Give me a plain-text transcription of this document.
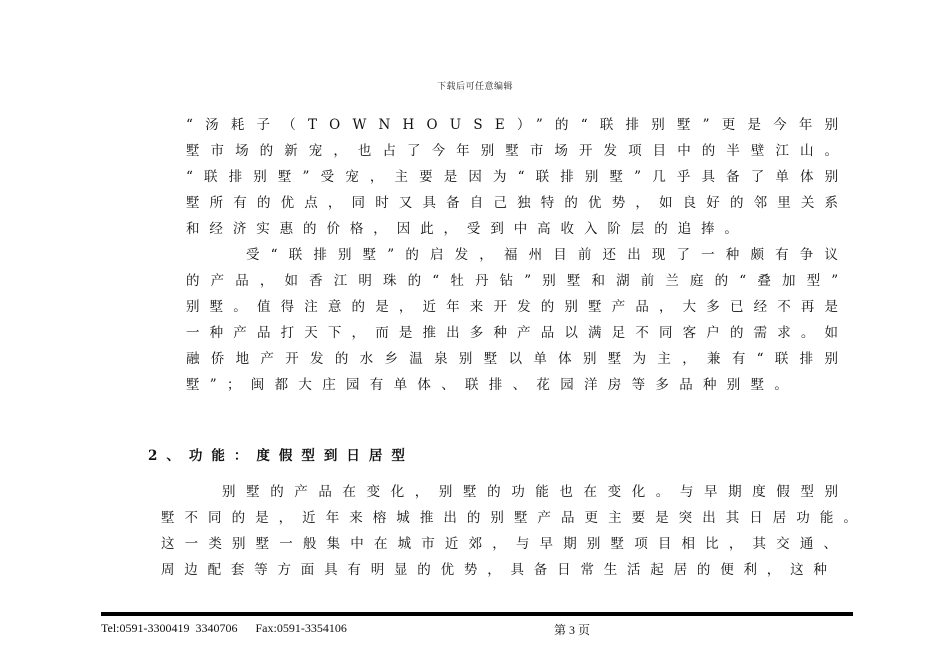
下载后可任意编辑
“汤耗子（TOWNHOUSE）”的“联排别墅”更是今年别
墅市场的新宠，也占了今年别墅市场开发项目中的半壁江山。
“联排别墅”受宠，主要是因为“联排别墅”几乎具备了单体别
墅所有的优点，同时又具备自己独特的优势，如良好的邻里关系
和经济实惠的价格，因此，受到中高收入阶层的追捧。
受“联排别墅”的启发，福州目前还出现了一种颇有争议
的产品，如香江明珠的“牡丹钻”别墅和湖前兰庭的“叠加型”
别墅。值得注意的是，近年来开发的别墅产品，大多已经不再是
一种产品打天下，而是推出多种产品以满足不同客户的需求。如
融侨地产开发的水乡温泉别墅以单体别墅为主，兼有“联排别
墅”；闽都大庄园有单体、联排、花园洋房等多品种别墅。
2、功能：度假型到日居型
别墅的产品在变化，别墅的功能也在变化。与早期度假型别
墅不同的是，近年来榕城推出的别墅产品更主要是突出其日居功能。
这一类别墅一般集中在城市近郊，与早期别墅项目相比，其交通、
周边配套等方面具有明显的优势，具备日常生活起居的便利，这种
Tel:0591-3300419  3340706      Fax:0591-3354106	第 3 页
